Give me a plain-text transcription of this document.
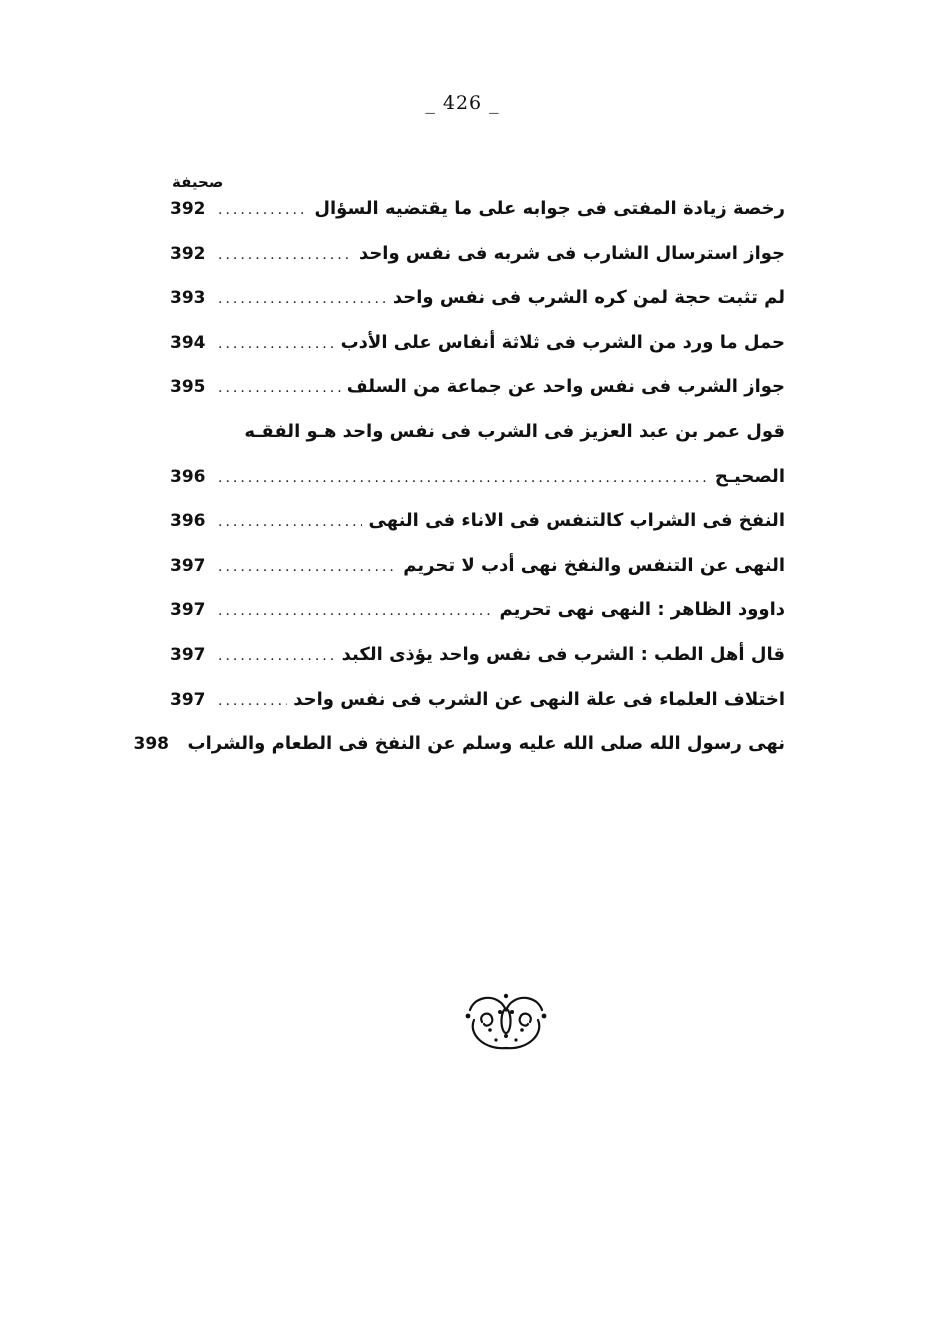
_ 426 _
صحيفة
رخصة زيادة المفتى فى جوابه على ما يقتضيه السؤال
.....
392
جواز استرسال الشارب فى شربه فى نفس واحد
.....
392
لم تثبت حجة لمن كره الشرب فى نفس واحد
.....
393
حمل ما ورد من الشرب فى ثلاثة أنفاس على الأدب
.....
394
جواز الشرب فى نفس واحد عن جماعة من السلف
.....
395
قول عمر بن عبد العزيز فى الشرب فى نفس واحد هـو الفقـه
الصحيـح
.....
396
النفخ فى الشراب كالتنفس فى الاناء فى النهى
.....
396
النهى عن التنفس والنفخ نهى أدب لا تحريم
.....
397
داوود الظاهر : النهى نهى تحريم
.....
397
قال أهل الطب : الشرب فى نفس واحد يؤذى الكبد
.....
397
اختلاف العلماء فى علة النهى عن الشرب فى نفس واحد
.....
397
نهى رسول الله صلى الله عليه وسلم عن النفخ فى الطعام والشراب
398
